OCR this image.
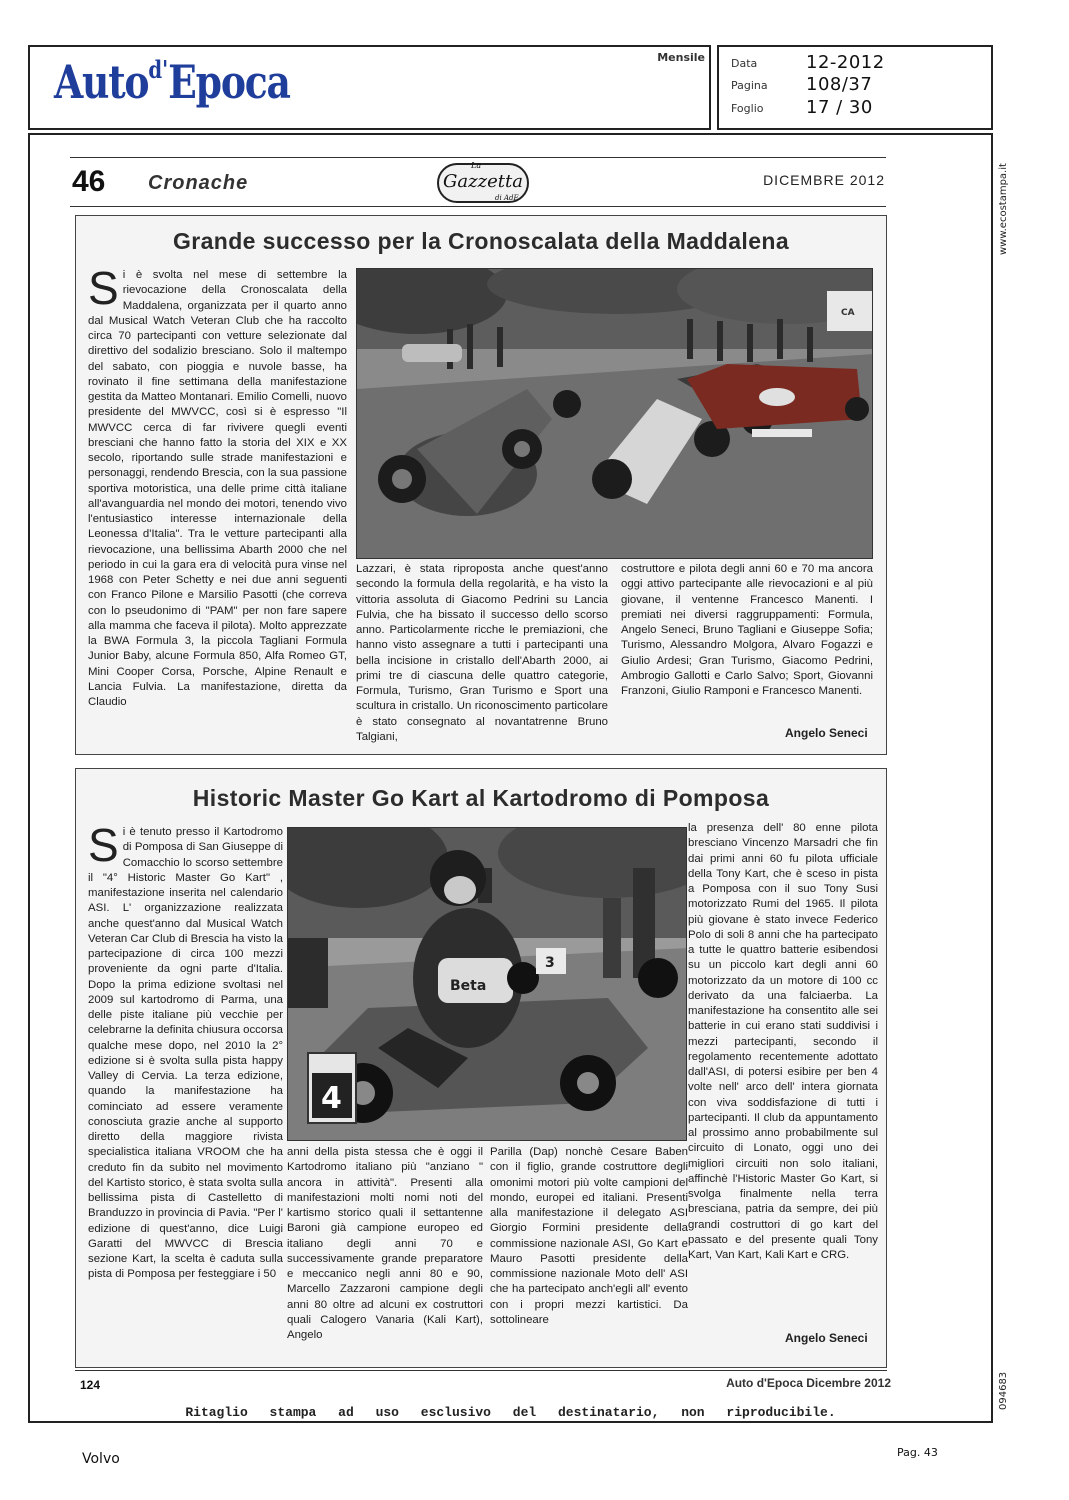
Auto$^{d'}$Epoca	Mensile Data	12-2012
Pagina 108/37
Foglio 17 / 30
www.ecostampa.it
094683
46 Cronache
La
Gazzetta
di AdE
DICEMBRE 2012
Grande successo per la Cronoscalata della Maddalena
Si è svolta nel mese di settembre la rievocazione della Cronoscalata della Maddalena, organizzata per il quarto anno dal Musical Watch Veteran Club che ha raccolto circa 70 partecipanti con vetture selezionate dal direttivo del sodalizio bresciano. Solo il maltempo del sabato, con pioggia e nuvole basse, ha rovinato il fine settimana della manifestazione gestita da Matteo Montanari. Emilio Comelli, nuovo presidente del MWVCC, così si è espresso "Il MWVCC cerca di far rivivere quegli eventi bresciani che hanno fatto la storia del XIX e XX secolo, riportando sulle strade manifestazioni e personaggi, rendendo Brescia, con la sua passione sportiva motoristica, una delle prime città italiane all'avanguardia nel mondo dei motori, tenendo vivo l'entusiastico interesse internazionale della Leonessa d'Italia". Tra le vetture partecipanti alla rievocazione, una bellissima Abarth 2000 che nel periodo in cui la gara era di velocità pura vinse nel 1968 con Peter Schetty e nei due anni seguenti con Franco Pilone e Marsilio Pasotti (che correva con lo pseudonimo di "PAM" per non fare sapere alla mamma che faceva il pilota). Molto apprezzate la BWA Formula 3, la piccola Tagliani Formula Junior Baby, alcune Formula 850, Alfa Romeo GT, Mini Cooper Corsa, Porsche, Alpine Renault e Lancia Fulvia. La manifestazione, diretta da Claudio
CA
Lazzari, è stata riproposta anche quest'anno secondo la formula della regolarità, e ha visto la vittoria assoluta di Giacomo Pedrini su Lancia Fulvia, che ha bissato il successo dello scorso anno. Particolarmente ricche le premiazioni, che hanno visto assegnare a tutti i partecipanti una bella incisione in cristallo dell'Abarth 2000, ai primi tre di ciascuna delle quattro categorie, Formula, Turismo, Gran Turismo e Sport una scultura in cristallo. Un riconoscimento particolare è stato consegnato al novantatrenne Bruno Talgiani,
costruttore e pilota degli anni 60 e 70 ma ancora oggi attivo partecipante alle rievocazioni e al più giovane, il ventenne Francesco Manenti. I premiati nei diversi raggruppamenti: Formula, Angelo Seneci, Bruno Tagliani e Giuseppe Sofia; Turismo, Alessandro Molgora, Alvaro Fogazzi e Giulio Ardesi; Gran Turismo, Giacomo Pedrini, Ambrogio Gallotti e Carlo Salvo; Sport, Giovanni Franzoni, Giulio Ramponi e Francesco Manenti.
Angelo Seneci
Historic Master Go Kart al Kartodromo di Pomposa
Si è tenuto presso il Kartodromo di Pomposa di San Giuseppe di Comacchio lo scorso settembre il "4° Historic Master Go Kart" , manifestazione inserita nel calendario ASI. L' organizzazione realizzata anche quest'anno dal Musical Watch Veteran Car Club di Brescia ha visto la partecipazione di circa 100 mezzi proveniente da ogni parte d'Italia. Dopo la prima edizione svoltasi nel 2009 sul kartodromo di Parma, una delle piste italiane più vecchie per celebrarne la definita chiusura occorsa qualche mese dopo, nel 2010 la 2° edizione si è svolta sulla pista happy Valley di Cervia. La terza edizione, quando la manifestazione ha cominciato ad essere veramente conosciuta grazie anche al supporto diretto della maggiore rivista specialistica italiana VROOM che ha creduto fin da subito nel movimento del Kartisto storico, è stata svolta sulla bellissima pista di Castelletto di Branduzzo in provincia di Pavia. "Per l' edizione di quest'anno, dice Luigi Garatti del MWVCC di Brescia sezione Kart, la scelta è caduta sulla pista di Pomposa per festeggiare i 50
Beta
3
4
anni della pista stessa che è oggi il Kartodromo italiano più "anziano " ancora in attività". Presenti alla manifestazioni molti nomi noti del kartismo storico quali il settantenne Baroni già campione europeo ed italiano degli anni 70 e successivamente grande preparatore e meccanico negli anni 80 e 90, Marcello Zazzaroni campione degli anni 80 oltre ad alcuni ex costruttori quali Calogero Vanaria (Kali Kart), Angelo
Parilla (Dap) nonchè Cesare Baben con il figlio, grande costruttore degli omonimi motori più volte campioni del mondo, europei ed italiani. Presenti alla manifestazione il delegato ASI Giorgio Formini presidente della commissione nazionale ASI, Go Kart e Mauro Pasotti presidente della commissione nazionale Moto dell' ASI che ha partecipato anch'egli all' evento con i propri mezzi kartistici. Da sottolineare
la presenza dell' 80 enne pilota bresciano Vincenzo Marsadri che fin dai primi anni 60 fu pilota ufficiale della Tony Kart, che è sceso in pista a Pomposa con il suo Tony Susi motorizzato Rumi del 1965. Il pilota più giovane è stato invece Federico Polo di soli 8 anni che ha partecipato a tutte le quattro batterie esibendosi su un piccolo kart degli anni 60 motorizzato da un motore di 100 cc derivato da una falciaerba. La manifestazione ha consentito alle sei batterie in cui erano stati suddivisi i mezzi partecipanti, secondo il regolamento recentemente adottato dall'ASI, di potersi esibire per ben 4 volte nell' arco dell' intera giornata con viva soddisfazione di tutti i partecipanti. Il club da appuntamento al prossimo anno probabilmente sul circuito di Lonato, oggi uno dei migliori circuiti non solo italiani, affinchè l'Historic Master Go Kart, si svolga finalmente nella terra bresciana, patria da sempre, dei più grandi costruttori di go kart del passato e del presente quali Tony Kart, Van Kart, Kali Kart e CRG.
Angelo Seneci
124	Auto d'Epoca Dicembre 2012
Ritaglio stampa ad uso esclusivo del destinatario, non riproducibile.
Volvo	Pag. 43
